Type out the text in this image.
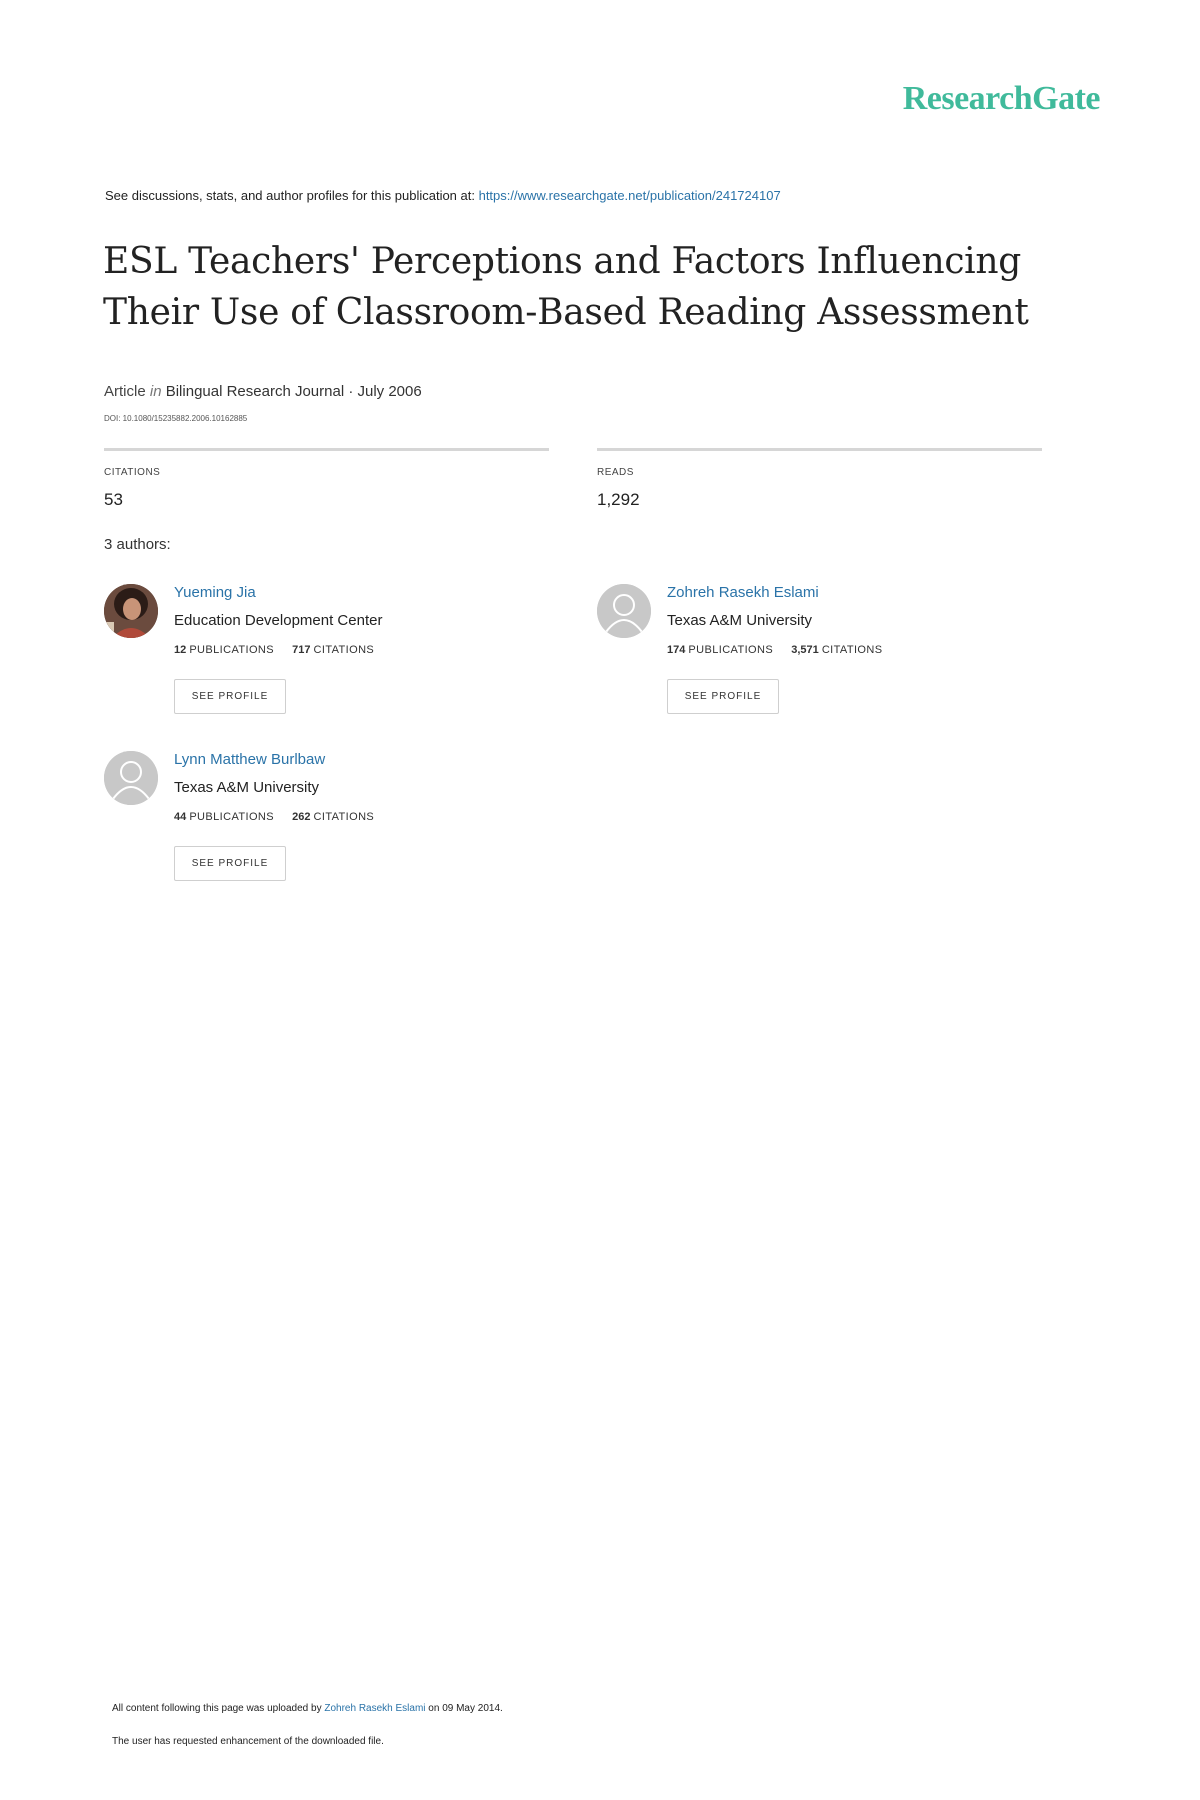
ResearchGate
See discussions, stats, and author profiles for this publication at: https://www.researchgate.net/publication/241724107
ESL Teachers' Perceptions and Factors Influencing Their Use of Classroom-Based Reading Assessment
Article in Bilingual Research Journal · July 2006
DOI: 10.1080/15235882.2006.10162885
CITATIONS
53
READS
1,292
3 authors:
Yueming Jia
Education Development Center
12 PUBLICATIONS 717 CITATIONS
SEE PROFILE
Zohreh Rasekh Eslami
Texas A&M University
174 PUBLICATIONS 3,571 CITATIONS
SEE PROFILE
Lynn Matthew Burlbaw
Texas A&M University
44 PUBLICATIONS 262 CITATIONS
SEE PROFILE
All content following this page was uploaded by Zohreh Rasekh Eslami on 09 May 2014.
The user has requested enhancement of the downloaded file.
